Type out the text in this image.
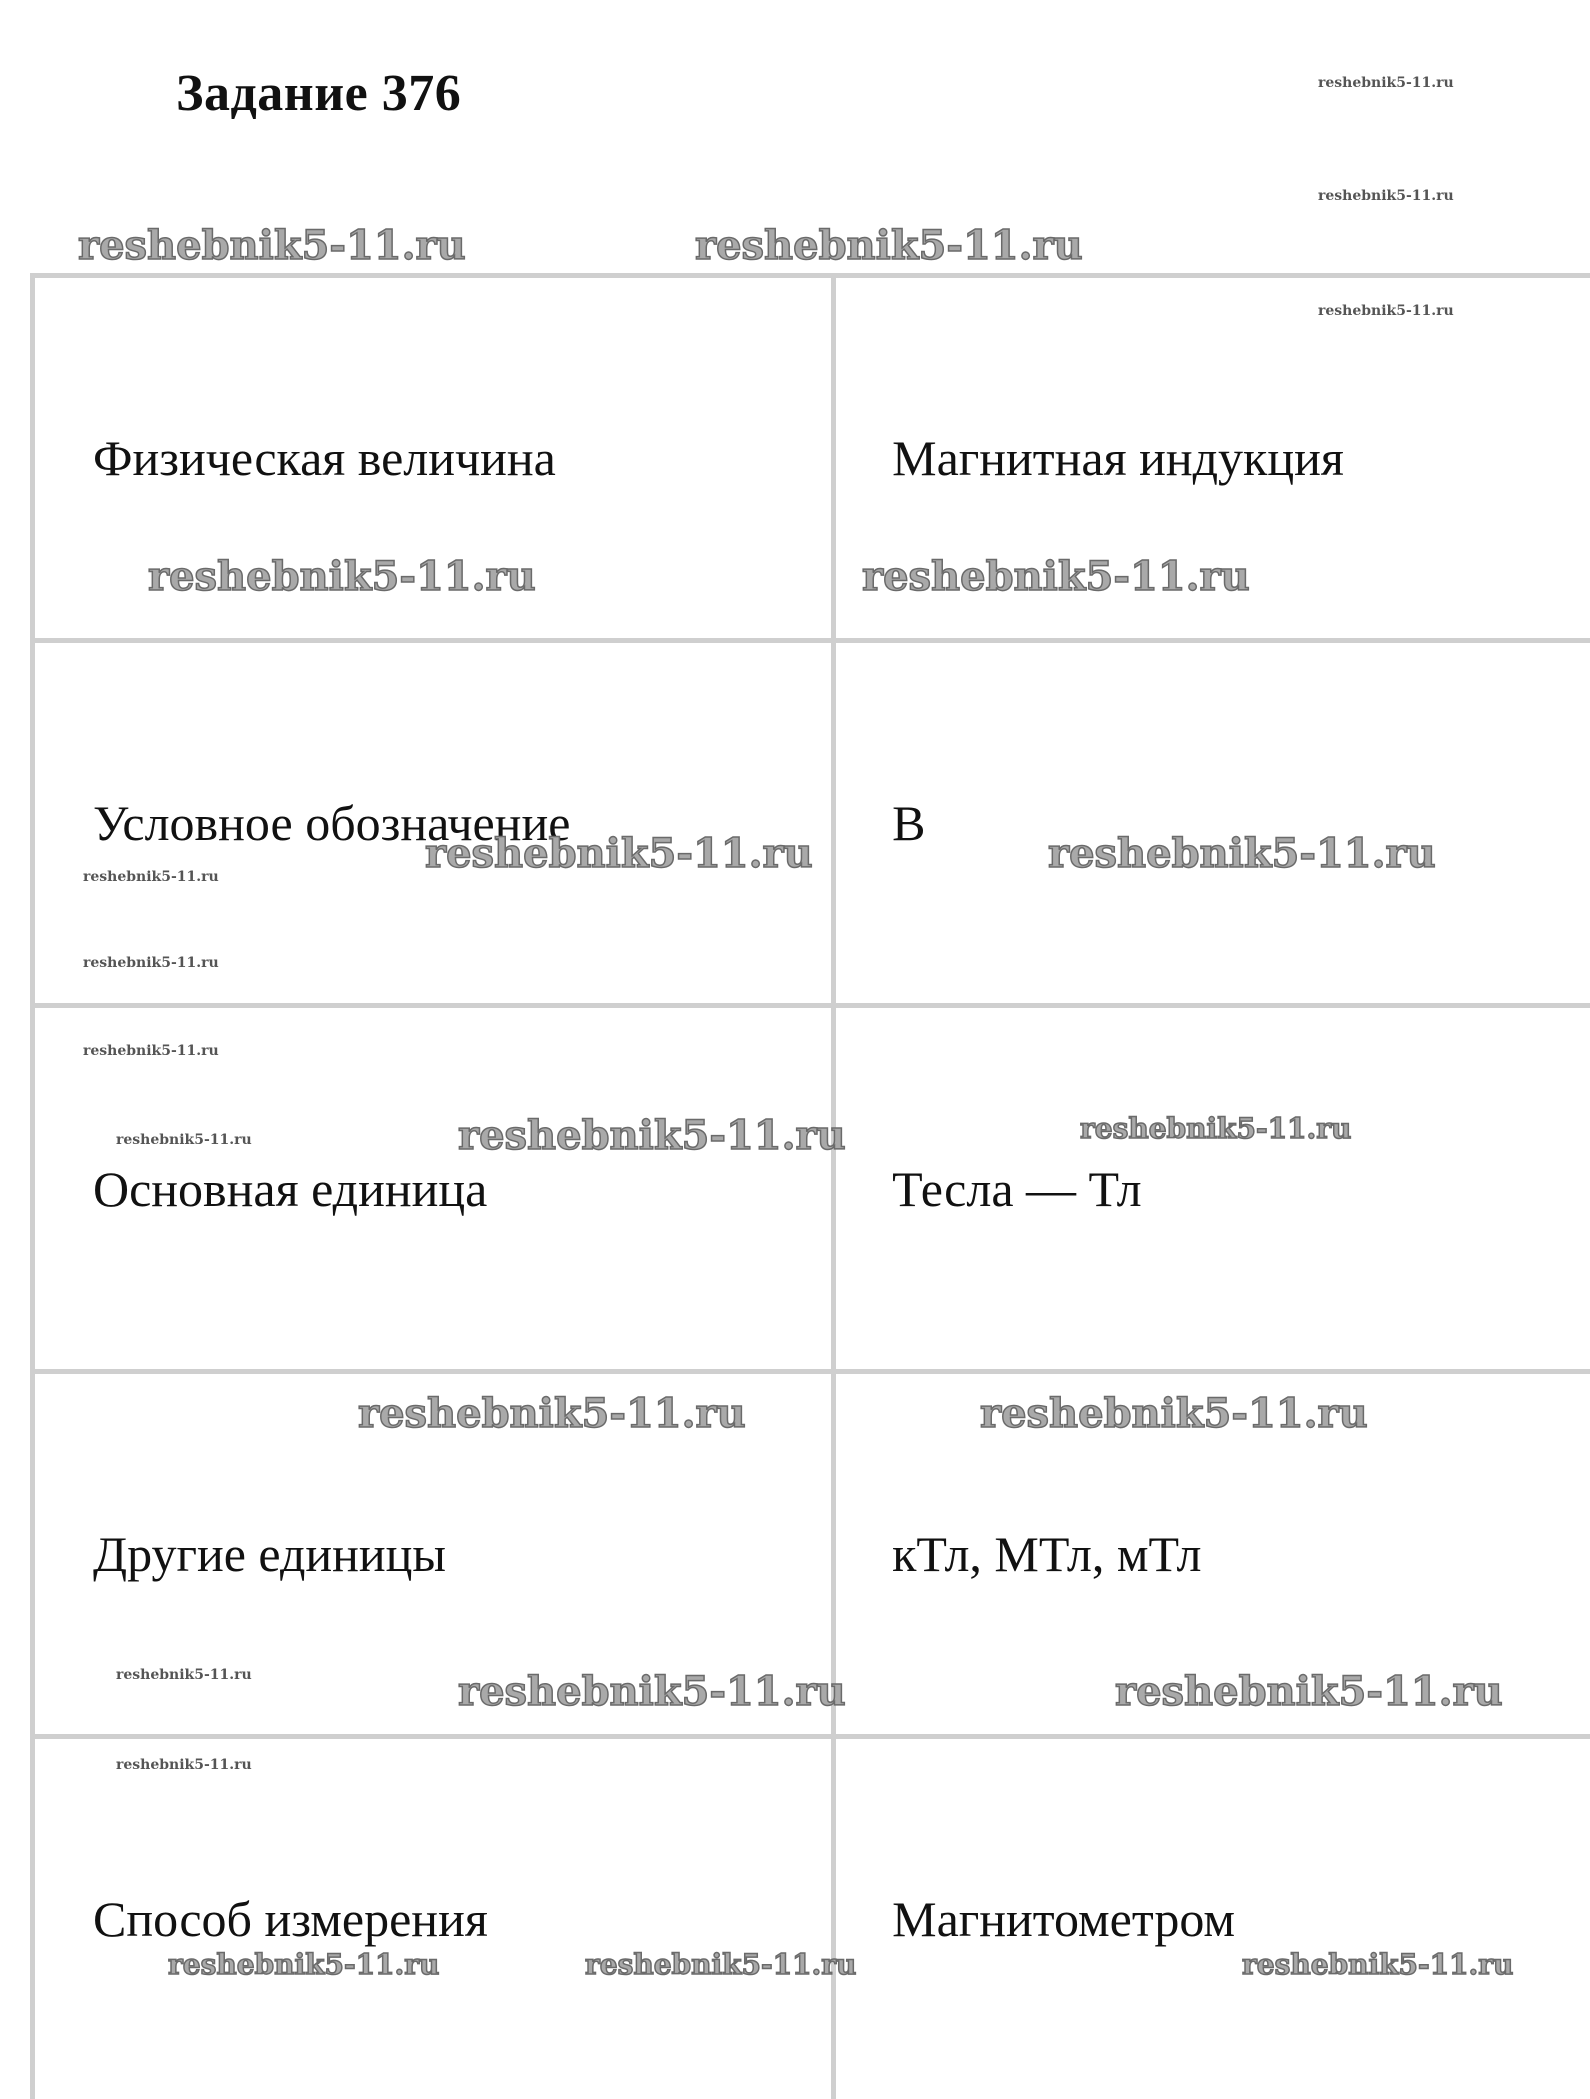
Задание 376
Физическая величина	Магнитная индукция
Условное обозначение	B
Основная единица	Тесла — Тл
Другие единицы	кТл, МТл, мТл
Способ измерения	Магнитометром
reshebnik5-11.ru	reshebnik5-11.ru
reshebnik5-11.ru
reshebnik5-11.ru
reshebnik5-11.ru
reshebnik5-11.ru	reshebnik5-11.ru
reshebnik5-11.ru	reshebnik5-11.ru
reshebnik5-11.ru
reshebnik5-11.ru
reshebnik5-11.ru
reshebnik5-11.ru	reshebnik5-11.ru	reshebnik5-11.ru
reshebnik5-11.ru	reshebnik5-11.ru
reshebnik5-11.ru	reshebnik5-11.ru	reshebnik5-11.ru
reshebnik5-11.ru
reshebnik5-11.ru	reshebnik5-11.ru	reshebnik5-11.ru
